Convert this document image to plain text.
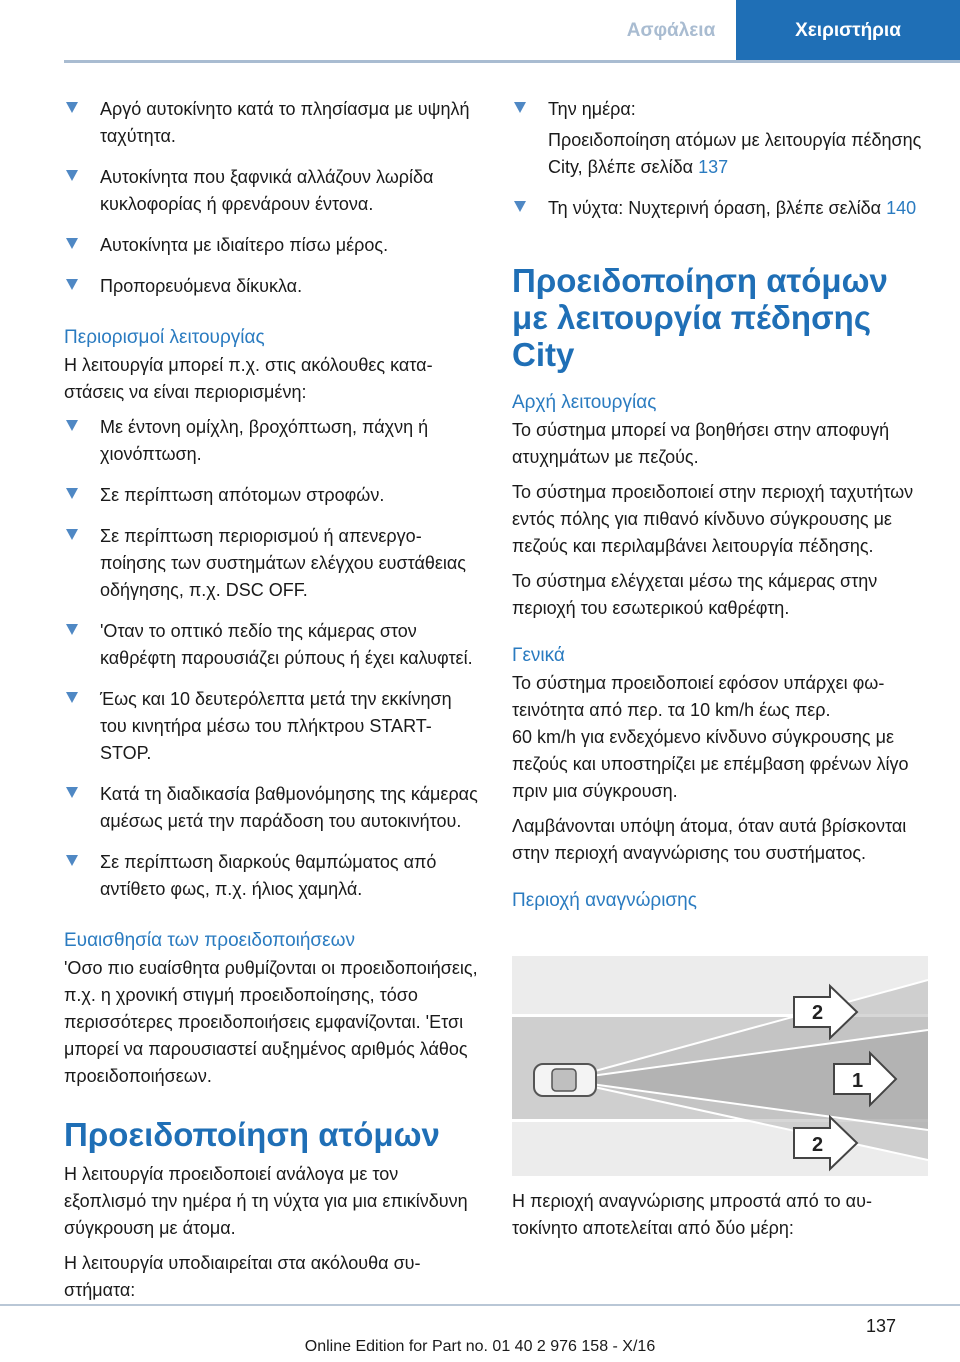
Ασφάλεια	Χειριστήρια

Αργό αυτοκίνητο κατά το πλησίασμα με υψηλή ταχύτητα.

Αυτοκίνητα που ξαφνικά αλλάζουν λωρίδα κυκλοφορίας ή φρενάρουν έντονα.

Αυτοκίνητα με ιδιαίτερο πίσω μέρος.

Προπορευόμενα δίκυκλα.

Περιορισμοί λειτουργίας

Η λειτουργία μπορεί π.χ. στις ακόλουθες καταστάσεις να είναι περιορισμένη:

Με έντονη ομίχλη, βροχόπτωση, πάχνη ή χιονόπτωση.

Σε περίπτωση απότομων στροφών.

Σε περίπτωση περιορισμού ή απενεργοποίησης των συστημάτων ελέγχου ευστάθειας οδήγησης, π.χ. DSC OFF.

'Οταν το οπτικό πεδίο της κάμερας στον καθρέφτη παρουσιάζει ρύπους ή έχει καλυφτεί.

Έως και 10 δευτερόλεπτα μετά την εκκίνηση του κινητήρα μέσω του πλήκτρου START-STOP.

Κατά τη διαδικασία βαθμονόμησης της κάμερας αμέσως μετά την παράδοση του αυτοκινήτου.

Σε περίπτωση διαρκούς θαμπώματος από αντίθετο φως, π.χ. ήλιος χαμηλά.

Ευαισθησία των προειδοποιήσεων

'Οσο πιο ευαίσθητα ρυθμίζονται οι προειδοποιήσεις, π.χ. η χρονική στιγμή προειδοποίησης, τόσο περισσότερες προειδοποιήσεις εμφανίζονται. 'Ετσι μπορεί να παρουσιαστεί αυξημένος αριθμός λάθος προειδοποιήσεων.

Προειδοποίηση ατόμων

Η λειτουργία προειδοποιεί ανάλογα με τον εξοπλισμό την ημέρα ή τη νύχτα για μια επικίνδυνη σύγκρουση με άτομα.

Η λειτουργία υποδιαιρείται στα ακόλουθα συστήματα:

Την ημέρα:

Προειδοποίηση ατόμων με λειτουργία πέδησης City, βλέπε σελίδα 137

Τη νύχτα: Νυχτερινή όραση, βλέπε σελίδα 140

Προειδοποίηση ατόμων με λειτουργία πέδησης City
Αρχή λειτουργίας

Το σύστημα μπορεί να βοηθήσει στην αποφυγή ατυχημάτων με πεζούς.

Το σύστημα προειδοποιεί στην περιοχή ταχυτήτων εντός πόλης για πιθανό κίνδυνο σύγκρουσης με πεζούς και περιλαμβάνει λειτουργία πέδησης.

Το σύστημα ελέγχεται μέσω της κάμερας στην περιοχή του εσωτερικού καθρέφτη.

Γενικά

Το σύστημα προειδοποιεί εφόσον υπάρχει φωτεινότητα από περ. τα 10 km/h έως περ.
60 km/h για ενδεχόμενο κίνδυνο σύγκρουσης με πεζούς και υποστηρίζει με επέμβαση φρένων λίγο πριν μια σύγκρουση.

Λαμβάνονται υπόψη άτομα, όταν αυτά βρίσκονται στην περιοχή αναγνώρισης του συστήματος.

Περιοχή αναγνώρισης
2
1
2

Η περιοχή αναγνώρισης μπροστά από το αυτοκίνητο αποτελείται από δύο μέρη:

137
Online Edition for Part no. 01 40 2 976 158 - X/16
